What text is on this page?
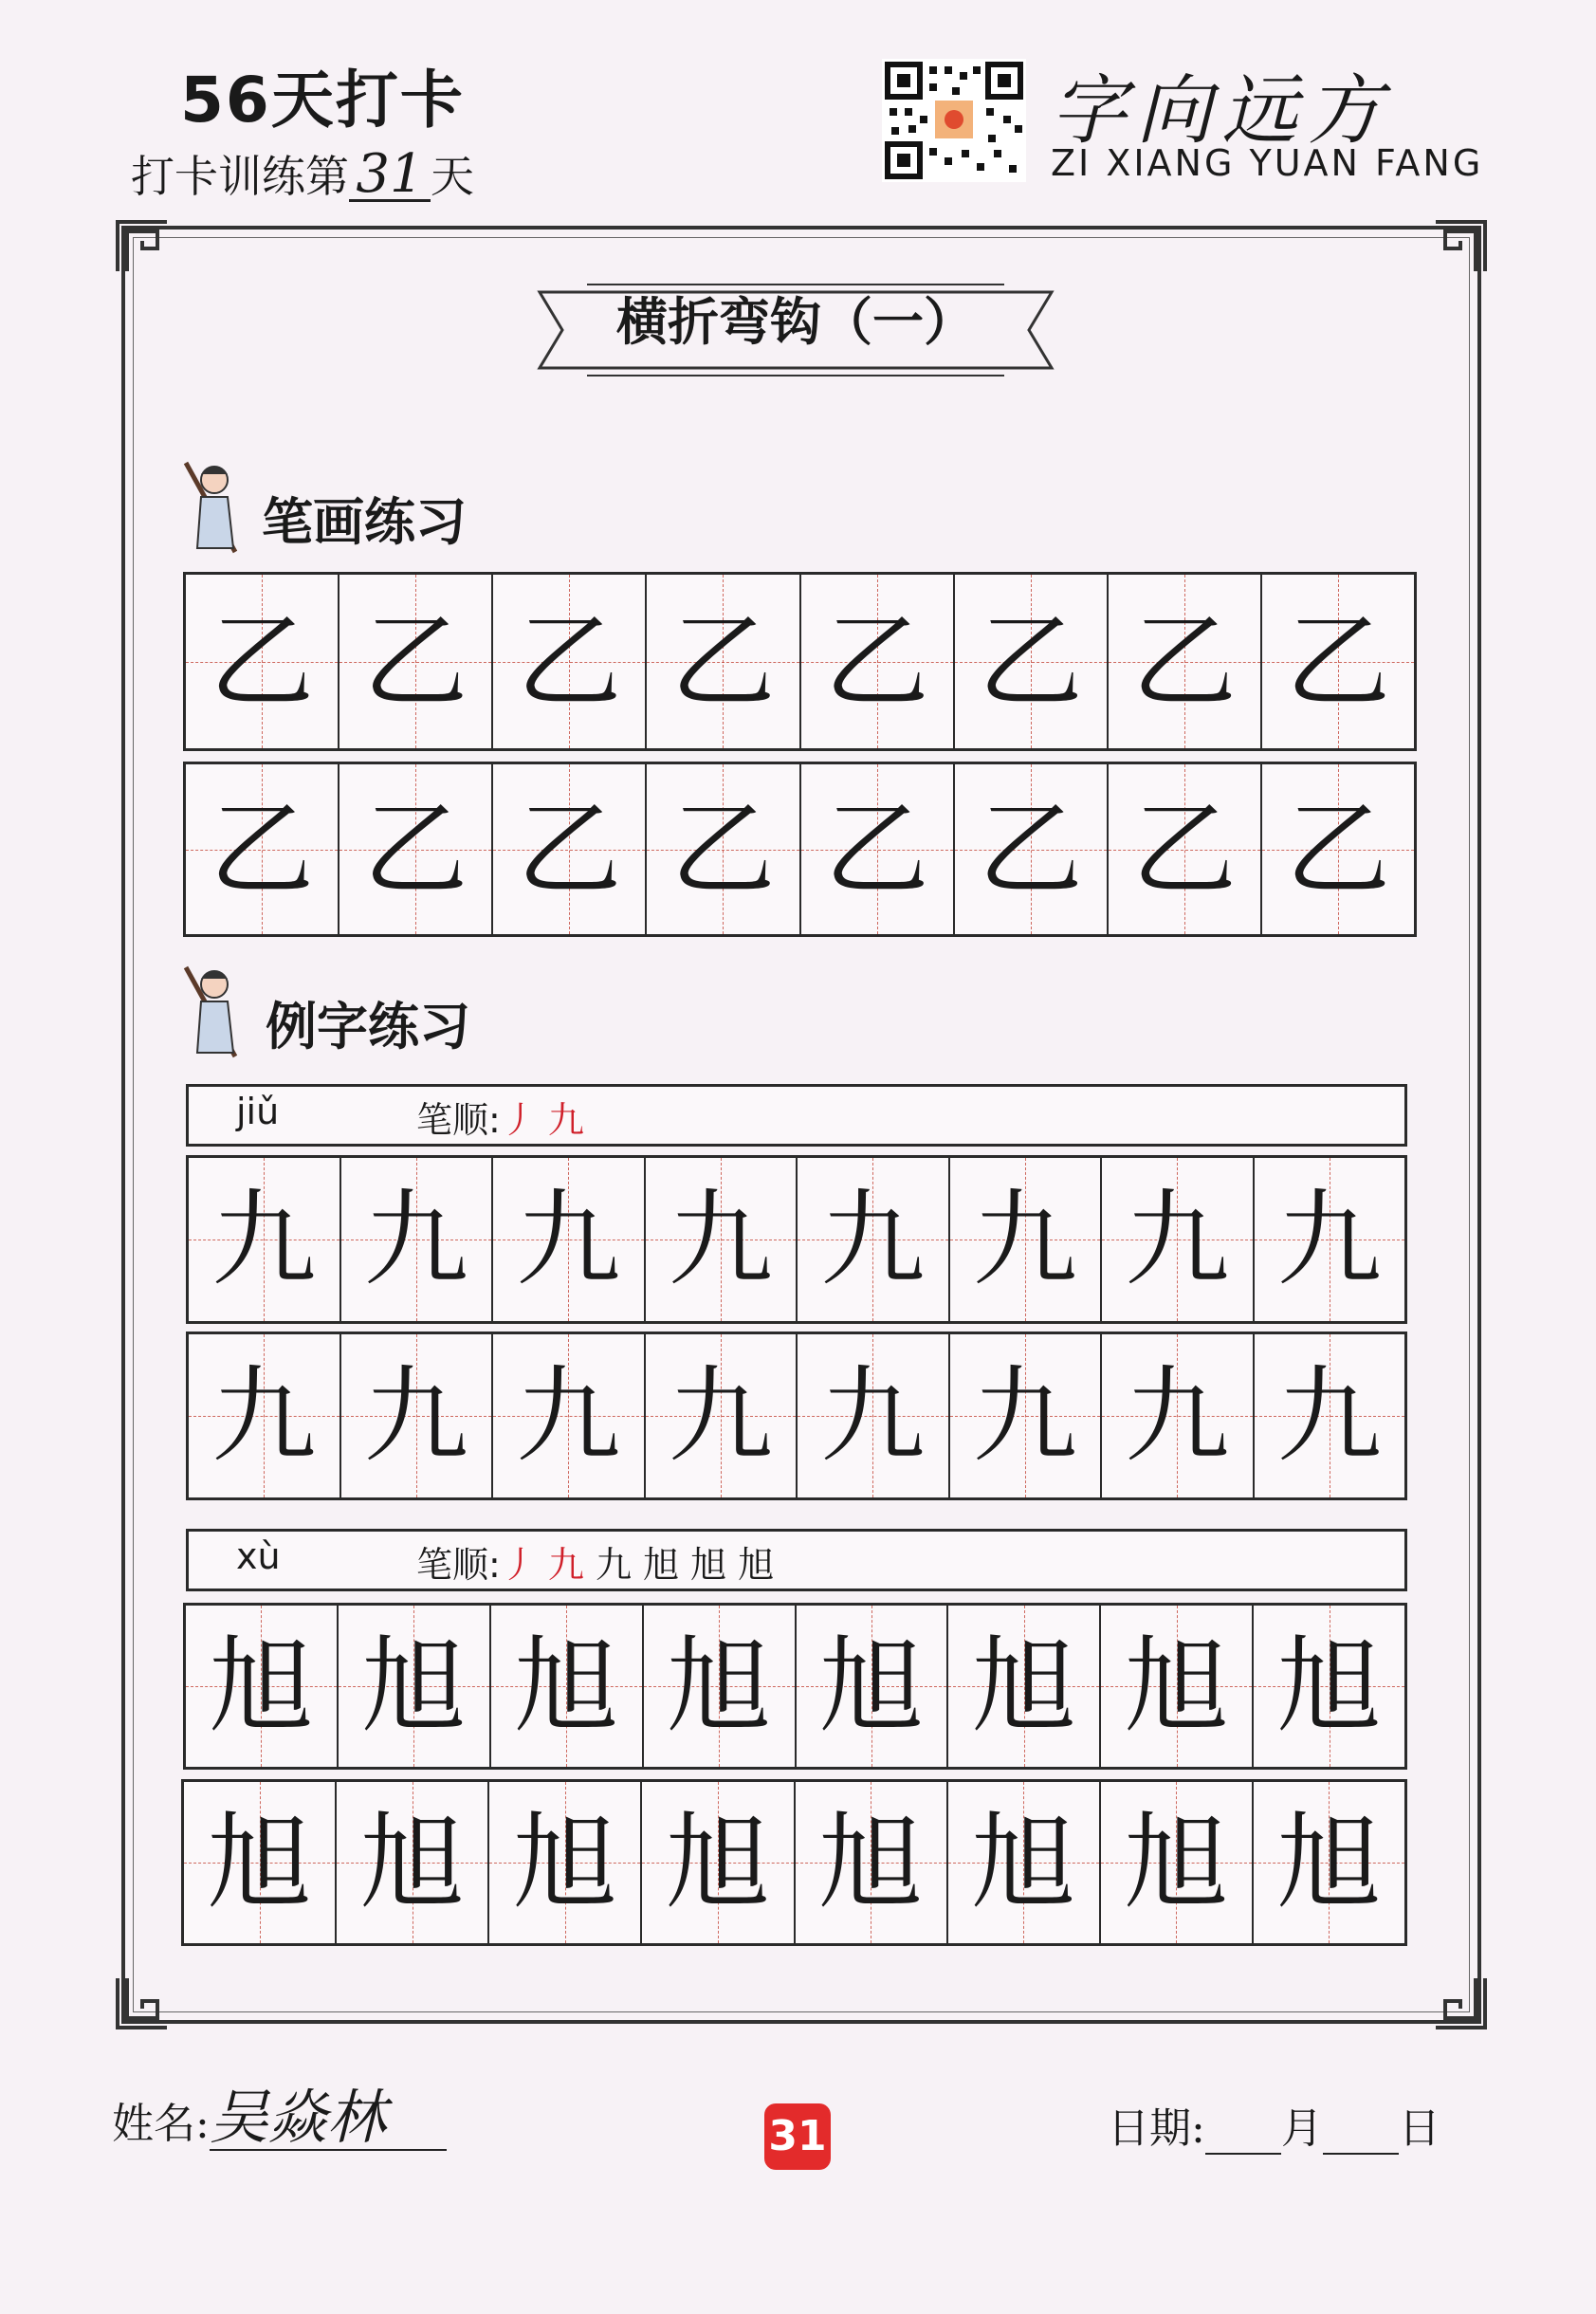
56天打卡
打卡训练第 31 天
字向远方
ZI XIANG YUAN FANG
横折弯钩（一）
笔画练习
乙 乙 乙 乙 乙 乙 乙 乙
乙 乙 乙 乙 乙 乙 乙 乙
例字练习
jiǔ	笔顺:丿 九
九 九 九 九 九 九 九 九
九 九 九 九 九 九 九 九
xù	笔顺:丿 九 九 旭 旭 旭
旭 旭 旭 旭 旭 旭 旭 旭
旭 旭 旭 旭 旭 旭 旭 旭
姓名:吴焱林	31	日期: 月 日
